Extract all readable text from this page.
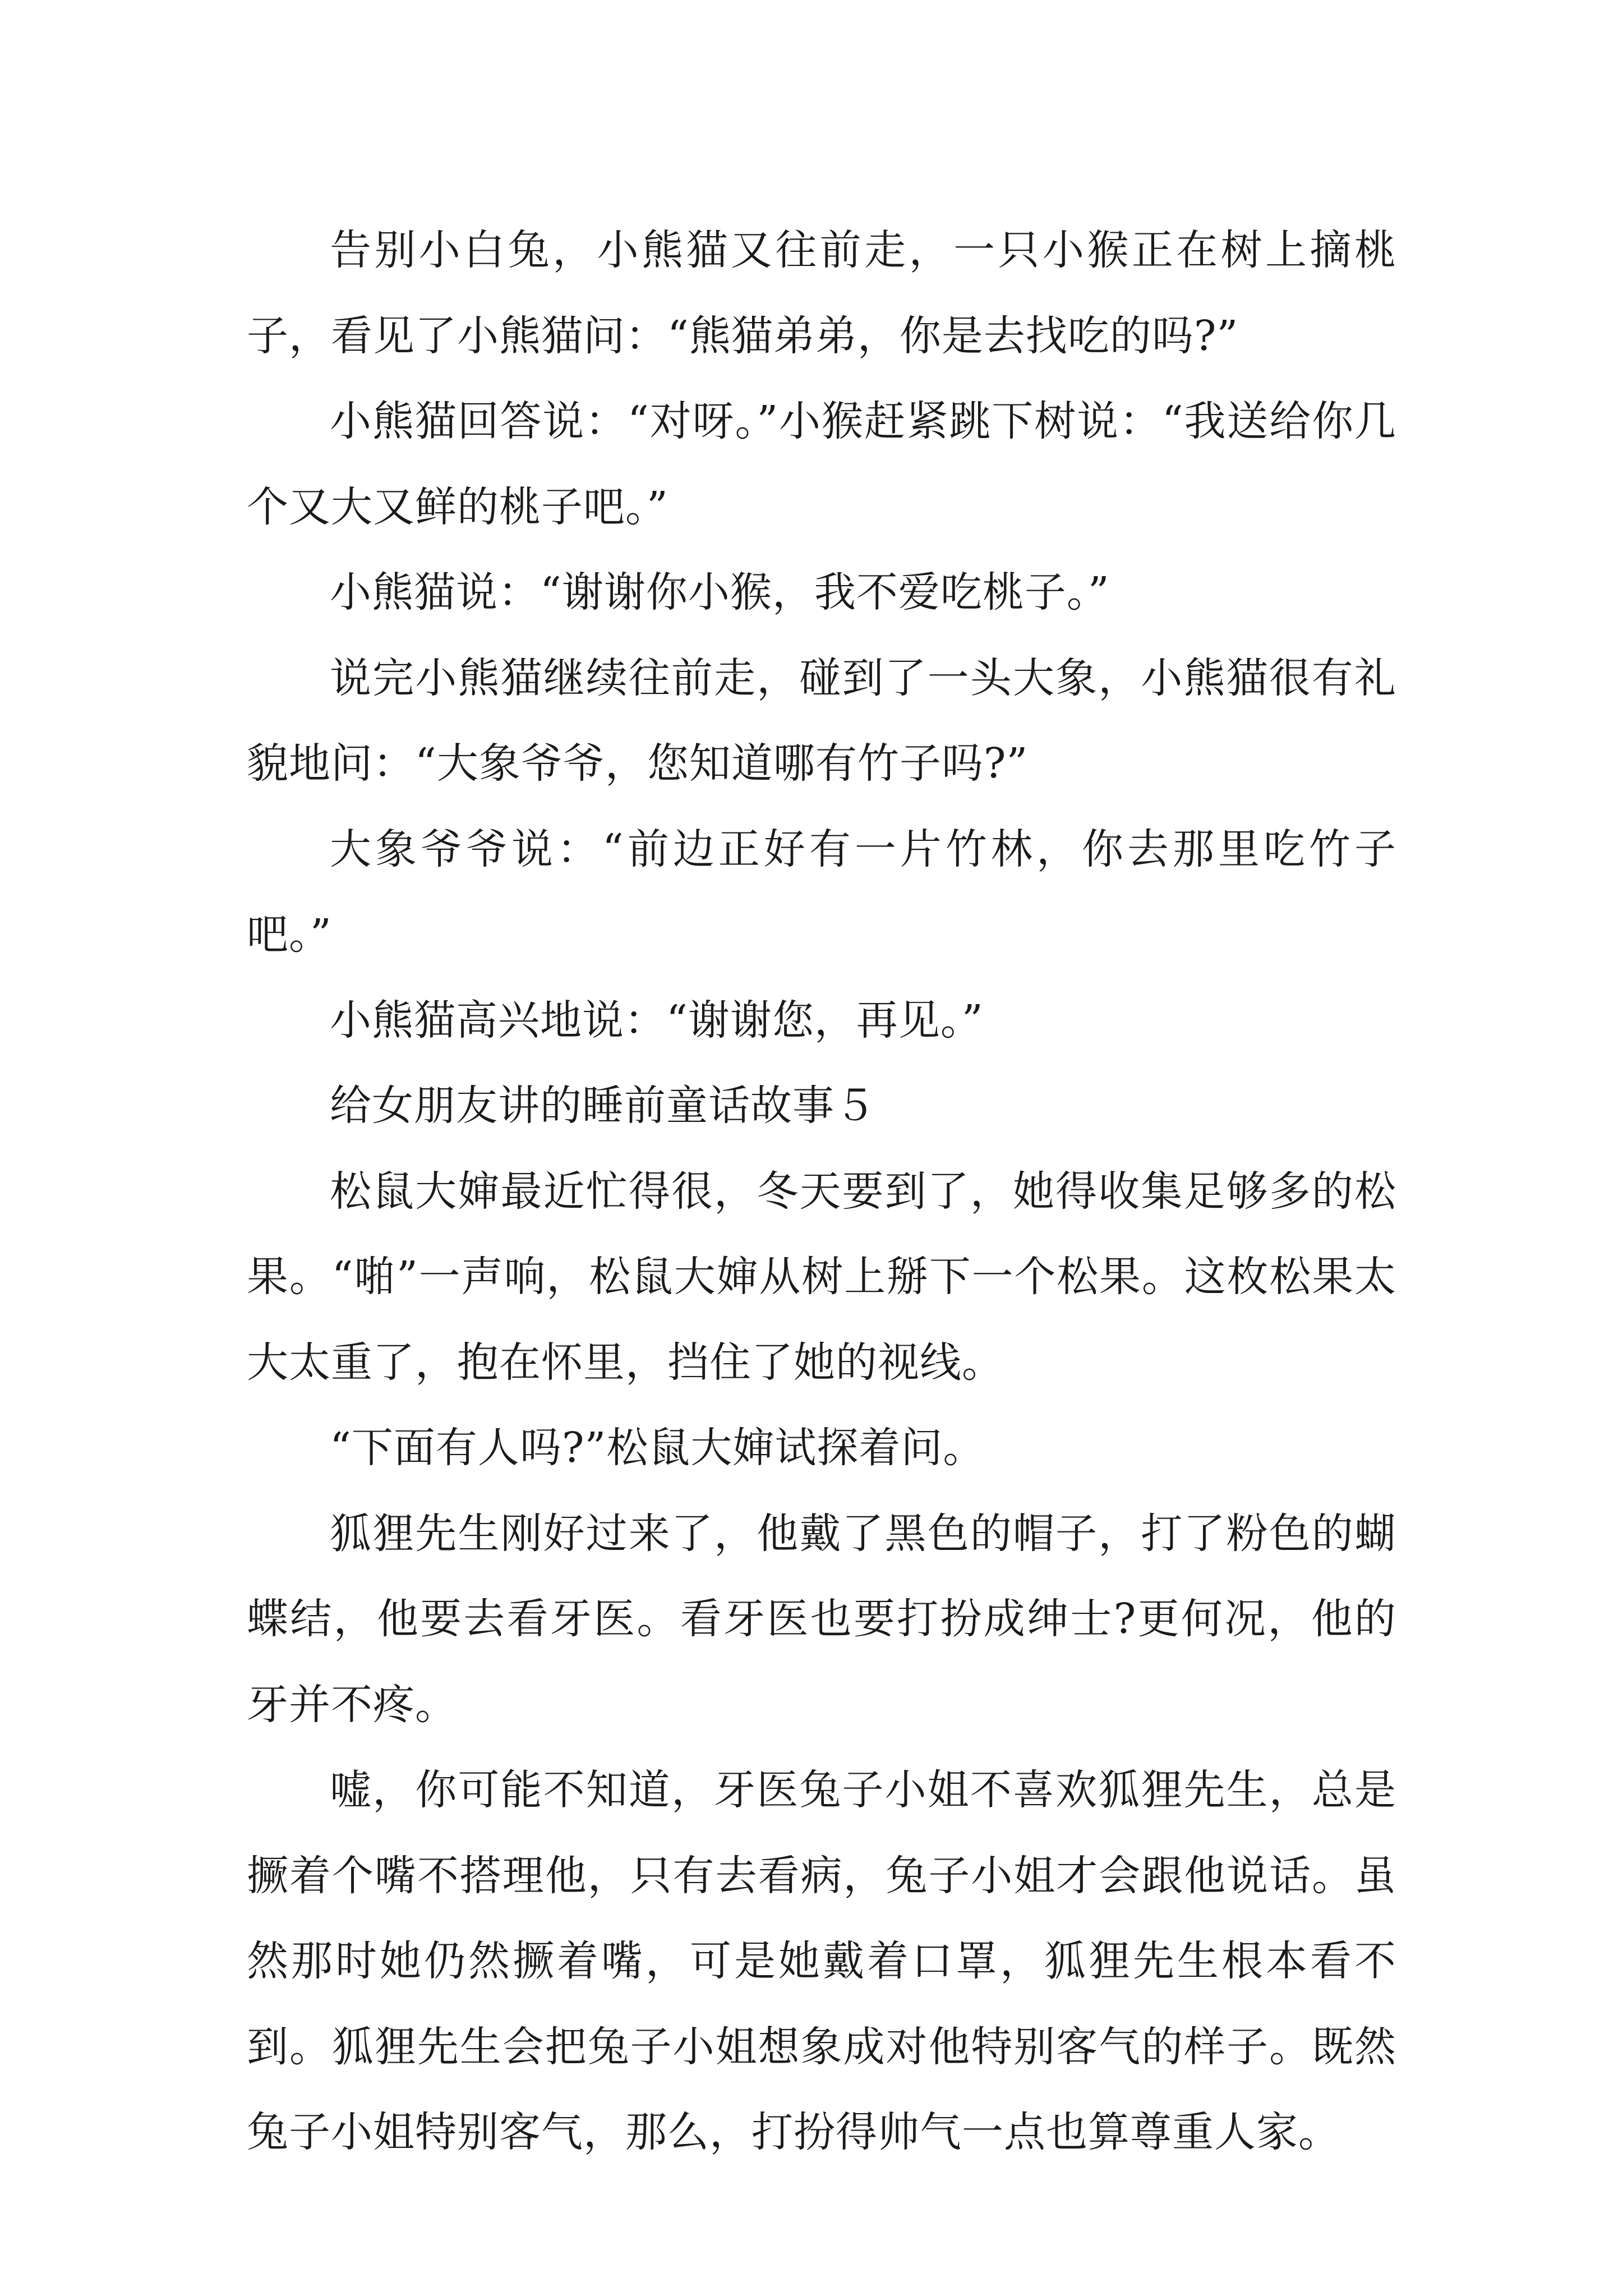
告别小白兔，小熊猫又往前走，一只小猴正在树上摘桃子，看见了小熊猫问：“熊猫弟弟，你是去找吃的吗?”

小熊猫回答说：“对呀。”小猴赶紧跳下树说：“我送给你几个又大又鲜的桃子吧。”

小熊猫说：“谢谢你小猴，我不爱吃桃子。”

说完小熊猫继续往前走，碰到了一头大象，小熊猫很有礼貌地问：“大象爷爷，您知道哪有竹子吗?”

大象爷爷说：“前边正好有一片竹林，你去那里吃竹子吧。”

小熊猫高兴地说：“谢谢您，再见。”

给女朋友讲的睡前童话故事５

松鼠大婶最近忙得很，冬天要到了，她得收集足够多的松果。“啪”一声响，松鼠大婶从树上掰下一个松果。这枚松果太大太重了，抱在怀里，挡住了她的视线。

“下面有人吗?”松鼠大婶试探着问。

狐狸先生刚好过来了，他戴了黑色的帽子，打了粉色的蝴蝶结，他要去看牙医。看牙医也要打扮成绅士?更何况，他的牙并不疼。

嘘，你可能不知道，牙医兔子小姐不喜欢狐狸先生，总是撅着个嘴不搭理他，只有去看病，兔子小姐才会跟他说话。虽然那时她仍然撅着嘴，可是她戴着口罩，狐狸先生根本看不到。狐狸先生会把兔子小姐想象成对他特别客气的样子。既然兔子小姐特别客气，那么，打扮得帅气一点也算尊重人家。
